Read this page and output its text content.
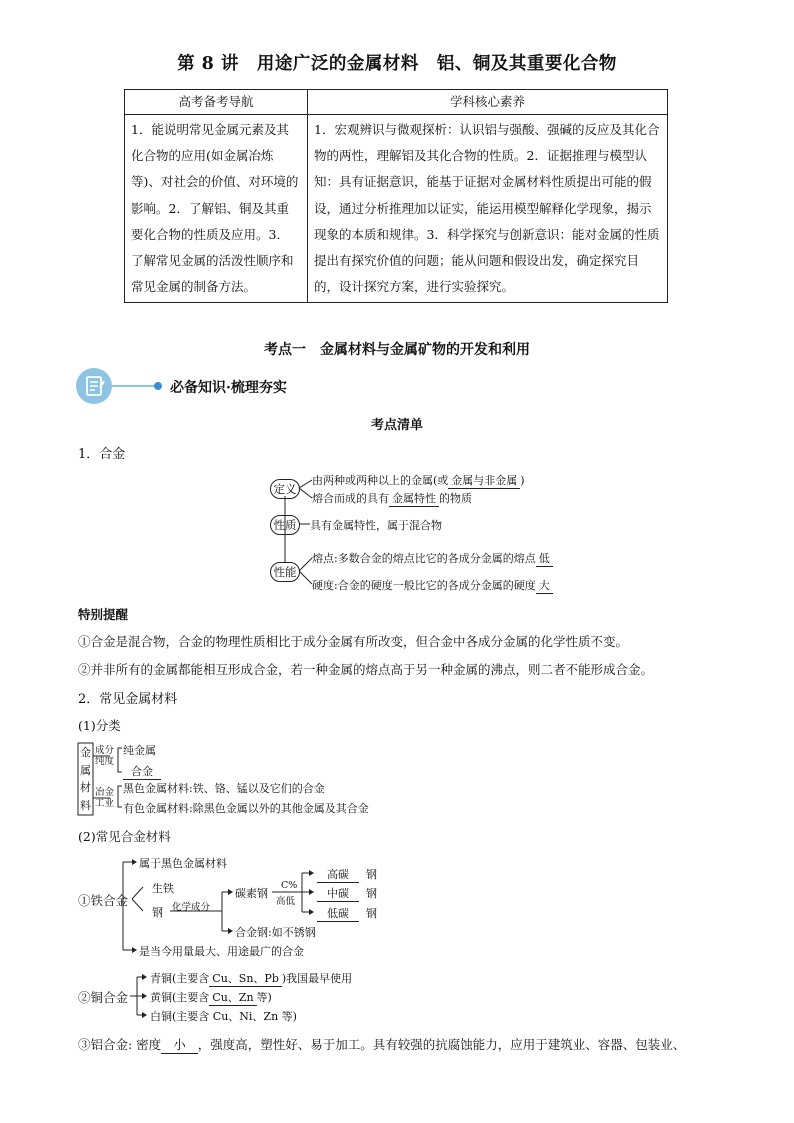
第 8 讲　用途广泛的金属材料　铝、铜及其重要化合物
高考备考导航	学科核心素养
1．能说明常见金属元素及其化合物的应用(如金属冶炼等)、对社会的价值、对环境的影响。2．了解铝、铜及其重要化合物的性质及应用。3．了解常见金属的活泼性顺序和常见金属的制备方法。	1．宏观辨识与微观探析：认识铝与强酸、强碱的反应及其化合物的两性，理解铝及其化合物的性质。2．证据推理与模型认知：具有证据意识，能基于证据对金属材料性质提出可能的假设，通过分析推理加以证实，能运用模型解释化学现象，揭示现象的本质和规律。3．科学探究与创新意识：能对金属的性质提出有探究价值的问题；能从问题和假设出发，确定探究目的，设计探究方案，进行实验探究。
考点一　金属材料与金属矿物的开发和利用
必备知识·梳理夯实
考点清单
1．合金
定义
性质
性能
由两种或两种以上的金属(或 金属与非金属 )
熔合而成的具有 金属特性 的物质
具有金属特性，属于混合物
熔点:多数合金的熔点比它的各成分金属的熔点 低
硬度:合金的硬度一般比它的各成分金属的硬度 大
特别提醒
①合金是混合物，合金的物理性质相比于成分金属有所改变，但合金中各成分金属的化学性质不变。
②并非所有的金属都能相互形成合金，若一种金属的熔点高于另一种金属的沸点，则二者不能形成合金。
2．常见金属材料
(1)分类
金
属
材
料
成分纯度
纯金属
合金
冶金工业
黑色金属材料:铁、铬、锰以及它们的合金
有色金属材料:除黑色金属以外的其他金属及其合金
(2)常见合金材料
①铁合金
属于黑色金属材料
生铁
钢 化学成分
碳素钢
C%
高低
高碳 钢
中碳 钢
低碳 钢
合金钢:如不锈钢
是当今用量最大、用途最广的合金
②铜合金
青铜(主要含 Cu、Sn、Pb )我国最早使用
黄铜(主要含 Cu、Zn 等)
白铜(主要含 Cu、Ni、Zn 等)
③铝合金: 密度 小 ，强度高，塑性好、易于加工。具有较强的抗腐蚀能力，应用于建筑业、容器、包装业、
